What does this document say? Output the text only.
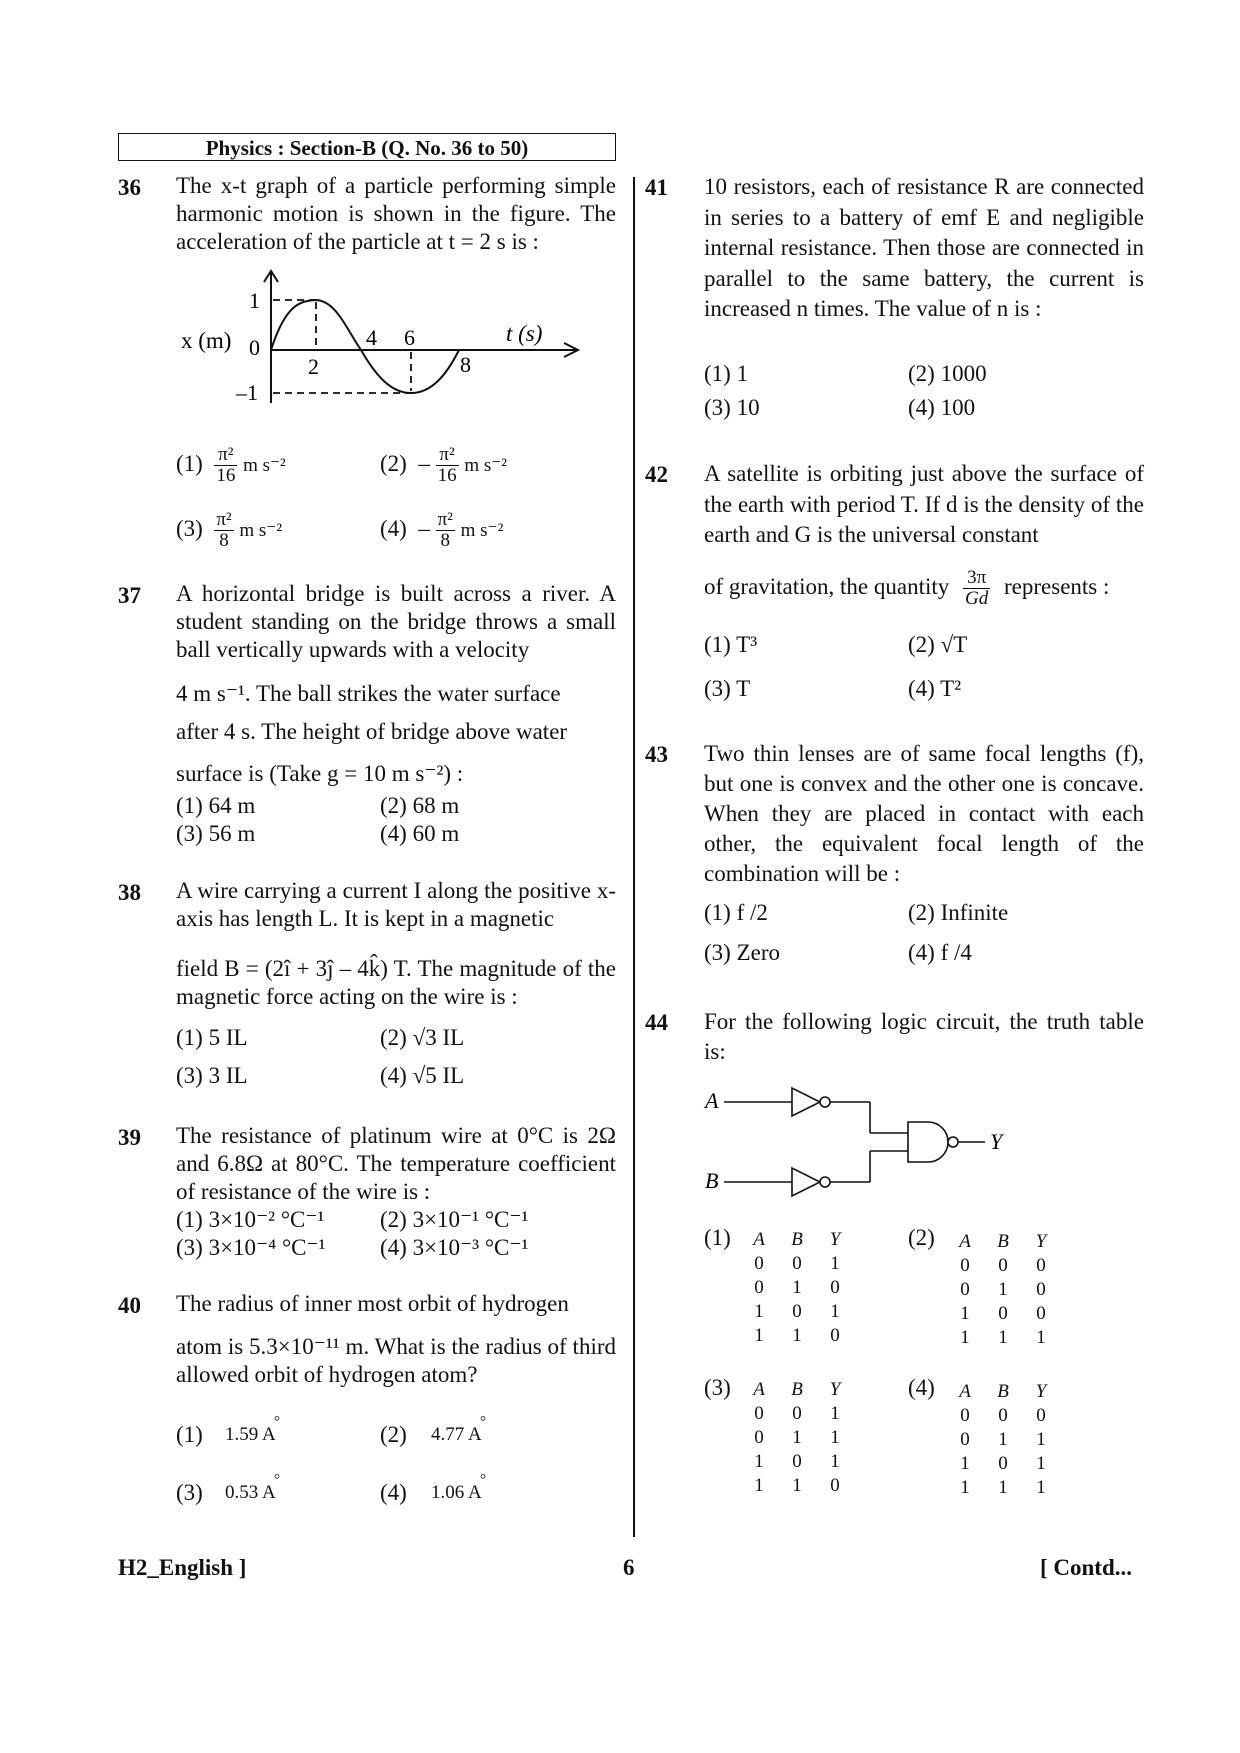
Physics : Section-B (Q. No. 36 to 50)
36 The x-t graph of a particle performing simple harmonic motion is shown in the figure. The acceleration of the particle at t = 2 s is :
x (m)
1
0
–1
2
4 6
8
t (s)
$(1) \frac{\text{π²}}{16}$ m s⁻²	$(2) - \frac{\text{π²}}{16}$ m s⁻²
$(3) \frac{\text{π²}}{8}$ m s⁻²	$(4) - \frac{\text{π²}}{8}$ m s⁻²
37 A horizontal bridge is built across a river. A student standing on the bridge throws a small ball vertically upwards with a velocity
4 m s⁻¹. The ball strikes the water surface
after 4 s. The height of bridge above water
surface is (Take g = 10 m s⁻²) :
(1) 64 m	(2) 68 m
(3) 56 m	(4) 60 m
38 A wire carrying a current I along the positive x-axis has length L. It is kept in a magnetic
field B = (2î + 3ĵ – 4k̂) T. The magnitude of the magnetic force acting on the wire is :
(1) 5 IL	(2) √3 IL
(3) 3 IL	(4) √5 IL
39 The resistance of platinum wire at 0°C is 2Ω and 6.8Ω at 80°C. The temperature coefficient of resistance of the wire is :
(1) 3×10⁻² °C⁻¹ (2) 3×10⁻¹ °C⁻¹
(3) 3×10⁻⁴ °C⁻¹ (4) 3×10⁻³ °C⁻¹
40 The radius of inner most orbit of hydrogen
atom is 5.3×10⁻¹¹ m. What is the radius of third allowed orbit of hydrogen atom?
(1) 1.59 A	(2) 4.77 A
(3) 0.53 A	(4) 1.06 A
°	°
°	°
41 10 resistors, each of resistance R are connected in series to a battery of emf E and negligible internal resistance. Then those are connected in parallel to the same battery, the current is increased n times. The value of n is :
(1) 1	(2) 1000
(3) 10	(4) 100
42 A satellite is orbiting just above the surface of the earth with period T. If d is the density of the earth and G is the universal constant
of gravitation, the quantity $\frac{3\pi}{Gd}$ represents :
(1) T³	(2) √T
(3) T	(4) T²
43 Two thin lenses are of same focal lengths (f), but one is convex and the other one is concave. When they are placed in contact with each other, the equivalent focal length of the combination will be :
(1) f /2	(2) Infinite
(3) Zero	(4) f /4
44 For the following logic circuit, the truth table is:
A
B
Y
(1) A	B	Y
0	0	1
0	1	0
1	0	1
1	1	0
(2) A	B	Y
0	0	0
0	1	0
1	0	0
1	1	1
(3) A	B	Y
0	0	1
0	1	1
1	0	1
1	1	0
(4) A	B	Y
0	0	0
0	1	1
1	0	1
1	1	1
H2_English ]	6	[ Contd...
